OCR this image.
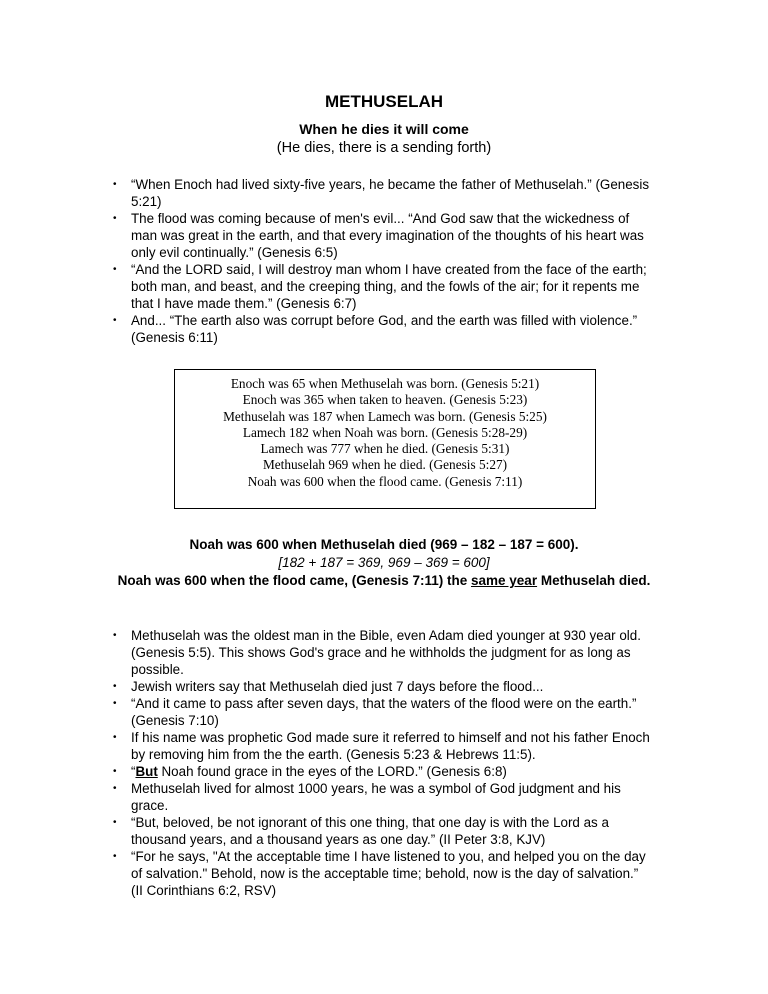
METHUSELAH
When he dies it will come
(He dies, there is a sending forth)
• “When Enoch had lived sixty-five years, he became the father of Methuselah.” (Genesis 5:21)
• The flood was coming because of men's evil... “And God saw that the wickedness of man was great in the earth, and that every imagination of the thoughts of his heart was only evil continually.” (Genesis 6:5)
• “And the LORD said, I will destroy man whom I have created from the face of the earth; both man, and beast, and the creeping thing, and the fowls of the air; for it repents me that I have made them.” (Genesis 6:7)
• And... “The earth also was corrupt before God, and the earth was filled with violence.” (Genesis 6:11)
Enoch was 65 when Methuselah was born. (Genesis 5:21)
Enoch was 365 when taken to heaven. (Genesis 5:23)
Methuselah was 187 when Lamech was born. (Genesis 5:25)
Lamech 182 when Noah was born. (Genesis 5:28-29)
Lamech was 777 when he died. (Genesis 5:31)
Methuselah 969 when he died. (Genesis 5:27)
Noah was 600 when the flood came. (Genesis 7:11)
Noah was 600 when Methuselah died (969 – 182 – 187 = 600).
[182 + 187 = 369, 969 – 369 = 600]
Noah was 600 when the flood came, (Genesis 7:11) the same year Methuselah died.
• Methuselah was the oldest man in the Bible, even Adam died younger at 930 year old. (Genesis 5:5). This shows God's grace and he withholds the judgment for as long as possible.
• Jewish writers say that Methuselah died just 7 days before the flood...
• “And it came to pass after seven days, that the waters of the flood were on the earth.” (Genesis 7:10)
• If his name was prophetic God made sure it referred to himself and not his father Enoch by removing him from the the earth. (Genesis 5:23 & Hebrews 11:5).
• “But Noah found grace in the eyes of the LORD.” (Genesis 6:8)
• Methuselah lived for almost 1000 years, he was a symbol of God judgment and his grace.
• “But, beloved, be not ignorant of this one thing, that one day is with the Lord as a thousand years, and a thousand years as one day.” (II Peter 3:8, KJV)
• “For he says, "At the acceptable time I have listened to you, and helped you on the day of salvation." Behold, now is the acceptable time; behold, now is the day of salvation.” (II Corinthians 6:2, RSV)
